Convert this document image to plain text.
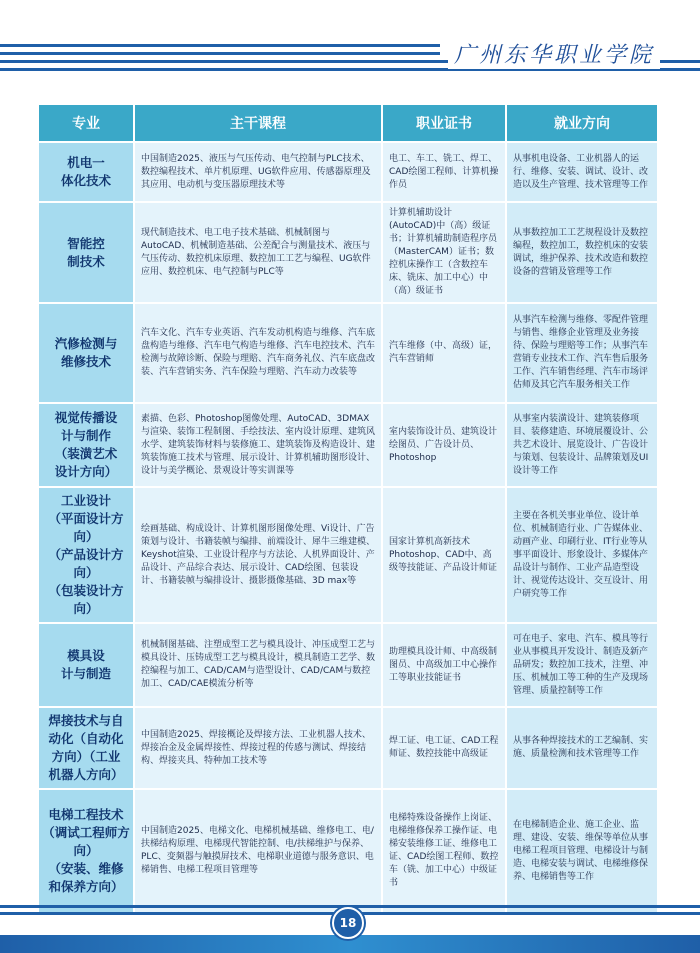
广州东华职业学院
专业	主干课程	职业证书	就业方向
机电一
体化技术	中国制造2025、液压与气压传动、电气控制与PLC技术、数控编程技术、单片机原理、UG软件应用、传感器原理及其应用、电动机与变压器原理技术等	电工、车工、铣工、焊工、CAD绘图工程师、计算机操作员	从事机电设备、工业机器人的运行、维修、安装、调试、设计、改造以及生产管理、技术管理等工作
智能控
制技术	现代制造技术、电工电子技术基础、机械制图与AutoCAD、机械制造基础、公差配合与测量技术、液压与气压传动、数控机床原理、数控加工工艺与编程、UG软件应用、数控机床、电气控制与PLC等	计算机辅助设计(AutoCAD)中（高）级证书；计算机辅助制造程序员（MasterCAM）证书；数控机床操作工（含数控车床、铣床、加工中心）中（高）级证书	从事数控加工工艺规程设计及数控编程，数控加工，数控机床的安装调试，维护保养、技术改造和数控设备的营销及管理等工作
汽修检测与
维修技术	汽车文化、汽车专业英语、汽车发动机构造与维修、汽车底盘构造与维修、汽车电气构造与维修、汽车电控技术、汽车检测与故障诊断、保险与理赔、汽车商务礼仪、汽车底盘改装、汽车营销实务、汽车保险与理赔、汽车动力改装等	汽车维修（中、高级）证，汽车营销师	从事汽车检测与维修、零配件管理与销售、维修企业管理及业务接待、保险与理赔等工作；从事汽车营销专业技术工作、汽车售后服务工作、汽车销售经理、汽车市场评估师及其它汽车服务相关工作
视觉传播设
计与制作
（装潢艺术
设计方向）	素描、色彩、Photoshop图像处理、AutoCAD、3DMAX与渲染、装饰工程制图、手绘技法、室内设计原理、建筑风水学、建筑装饰材料与装修施工、建筑装饰及构造设计、建筑装饰施工技术与管理、展示设计、计算机辅助图形设计、设计与美学概论、景观设计等实训课等	室内装饰设计员、建筑设计绘图员、广告设计员、Photoshop	从事室内装潢设计、建筑装修项目、装修建造、环境展覆设计、公共艺术设计、展览设计、广告设计与策划、包装设计、品牌策划及UI设计等工作
工业设计
（平面设计方向）
（产品设计方向）
（包装设计方向）	绘画基础、构成设计、计算机图形图像处理、Vi设计、广告策划与设计、书籍装帧与编排、前端设计、犀牛三维建模、Keyshot渲染、工业设计程序与方法论、人机界面设计、产品设计、产品综合表达、展示设计、CAD绘图、包装设计、书籍装帧与编排设计、摄影摄像基础、3D max等	国家计算机高新技术Photoshop、CAD中、高级等技能证、产品设计师证	主要在各机关事业单位、设计单位、机械制造行业、广告媒体业、动画产业、印刷行业、IT行业等从事平面设计、形象设计、多媒体产品设计与制作、工业产品造型设计、视觉传达设计、交互设计、用户研究等工作
模具设
计与制造	机械制图基础、注塑成型工艺与模具设计、冲压成型工艺与模具设计、压铸成型工艺与模具设计，模具制造工艺学、数控编程与加工、CAD/CAM与造型设计、CAD/CAM与数控加工、CAD/CAE模流分析等	助理模具设计师、中高级制图员、中高级加工中心操作工等职业技能证书	可在电子、家电、汽车、模具等行业从事模具开发设计、制造及新产品研发；数控加工技术，注塑、冲压、机械加工等工种的生产及现场管理、质量控制等工作
焊接技术与自
动化（自动化
方向）（工业
机器人方向）	中国制造2025、焊接概论及焊接方法、工业机器人技术、焊接冶金及金属焊接性、焊接过程的传感与测试、焊接结构、焊接夹具、特种加工技术等	焊工证、电工证、CAD工程师证、数控技能中高级证	从事各种焊接技术的工艺编制、实施、质量检测和技术管理等工作
电梯工程技术
（调试工程师方向）
（安装、维修
和保养方向）	中国制造2025、电梯文化、电梯机械基础、维修电工、电/扶梯结构原理、电梯现代智能控制、电/扶梯维护与保养、PLC、变频器与触摸屏技术、电梯职业道德与服务意识、电梯销售、电梯工程项目管理等	电梯特殊设备操作上岗证、电梯维修保养工操作证、电梯安装维修工证、维修电工证、CAD绘图工程师、数控车（铣、加工中心）中级证书	在电梯制造企业、施工企业、监理、建设、安装、维保等单位从事电梯工程项目管理、电梯设计与制造、电梯安装与调试、电梯维修保养、电梯销售等工作
18
